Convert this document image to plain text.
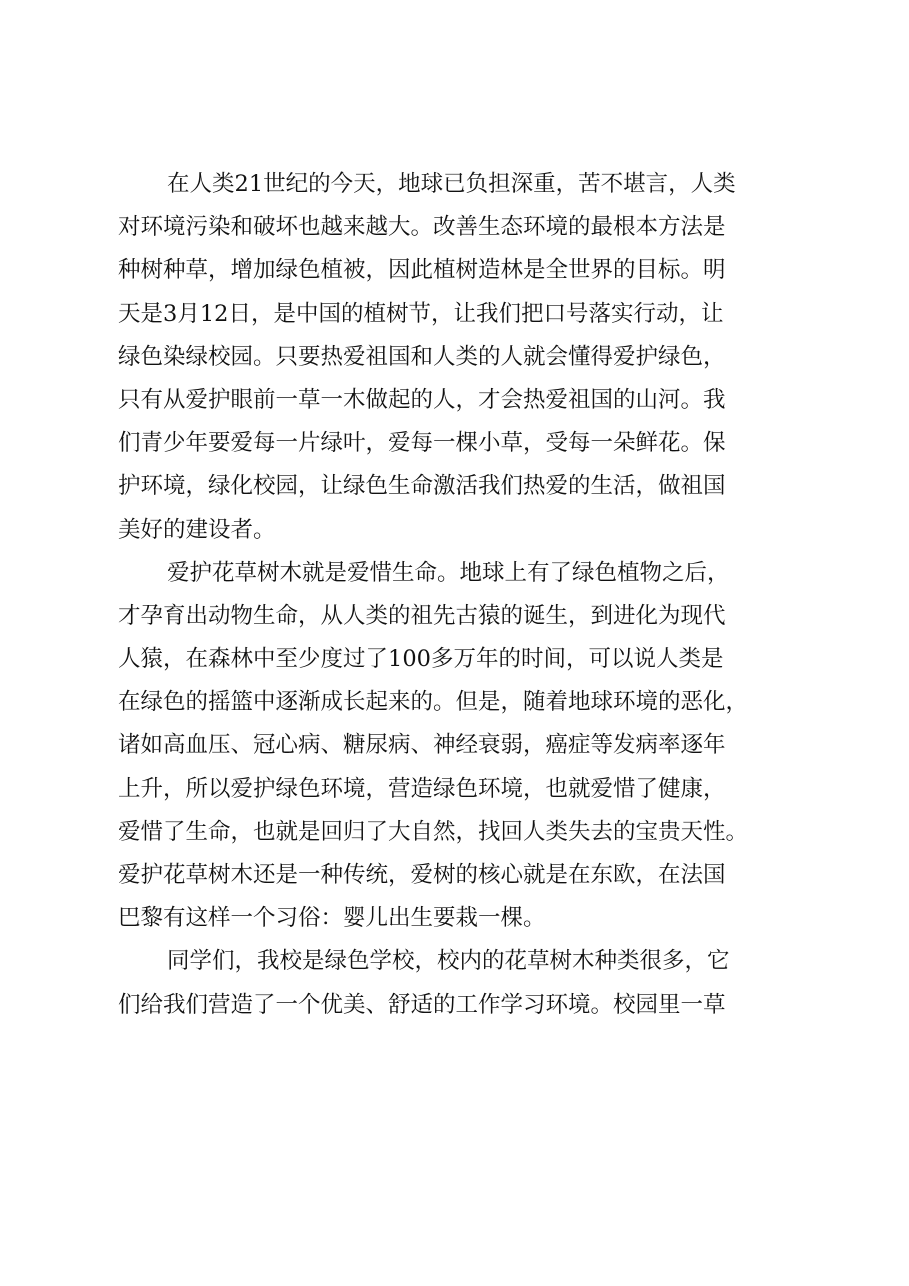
在人类21世纪的今天，地球已负担深重，苦不堪言，人类
对环境污染和破坏也越来越大。改善生态环境的最根本方法是
种树种草，增加绿色植被，因此植树造林是全世界的目标。明
天是3月12日，是中国的植树节，让我们把口号落实行动，让
绿色染绿校园。只要热爱祖国和人类的人就会懂得爱护绿色，
只有从爱护眼前一草一木做起的人，才会热爱祖国的山河。我
们青少年要爱每一片绿叶，爱每一棵小草，受每一朵鲜花。保
护环境，绿化校园，让绿色生命激活我们热爱的生活，做祖国
美好的建设者。
爱护花草树木就是爱惜生命。地球上有了绿色植物之后，
才孕育出动物生命，从人类的祖先古猿的诞生，到进化为现代
人猿，在森林中至少度过了100多万年的时间，可以说人类是
在绿色的摇篮中逐渐成长起来的。但是，随着地球环境的恶化，
诸如高血压、冠心病、糖尿病、神经衰弱，癌症等发病率逐年
上升，所以爱护绿色环境，营造绿色环境，也就爱惜了健康，
爱惜了生命，也就是回归了大自然，找回人类失去的宝贵天性。
爱护花草树木还是一种传统，爱树的核心就是在东欧，在法国
巴黎有这样一个习俗：婴儿出生要栽一棵。
同学们，我校是绿色学校，校内的花草树木种类很多，它
们给我们营造了一个优美、舒适的工作学习环境。校园里一草
